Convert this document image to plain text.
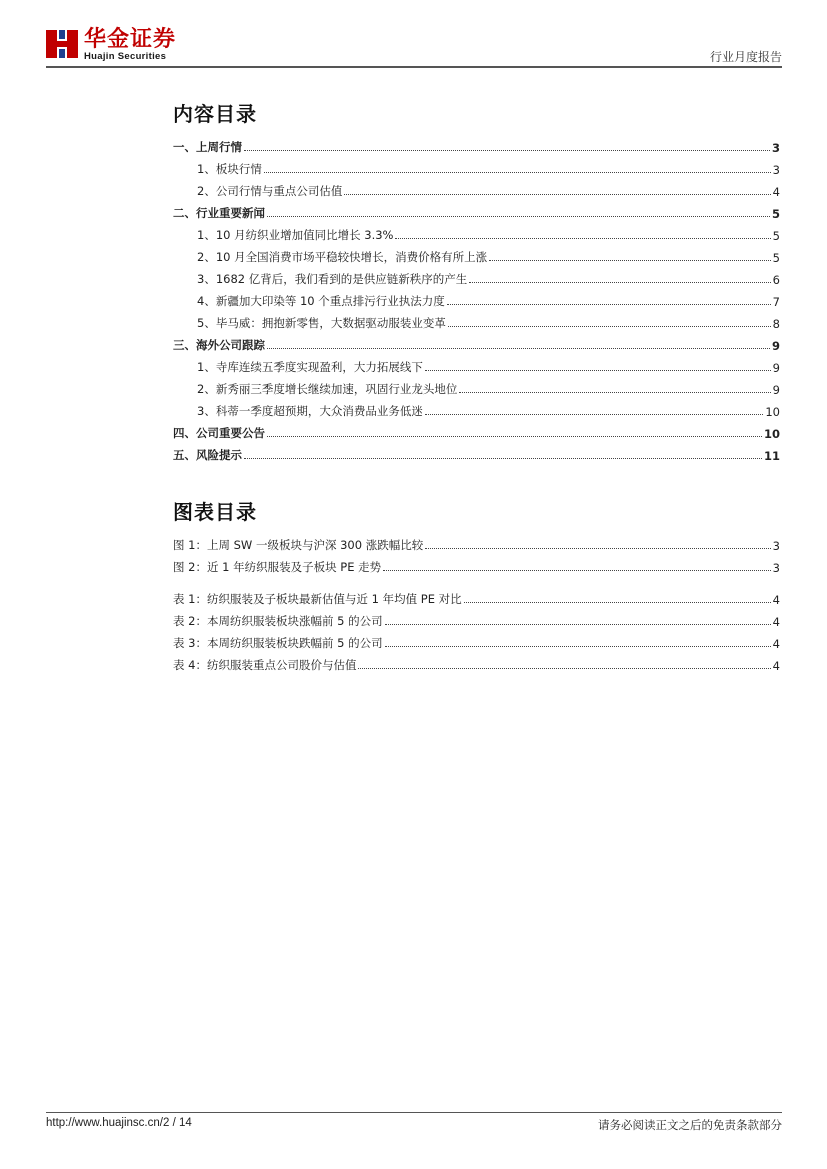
华金证券
Huajin Securities	行业月度报告
内容目录
一、上周行情	3
1、板块行情	3
2、公司行情与重点公司估值	4
二、行业重要新闻	5
1、10 月纺织业增加值同比增长 3.3%	5
2、10 月全国消费市场平稳较快增长，消费价格有所上涨	5
3、1682 亿背后，我们看到的是供应链新秩序的产生	6
4、新疆加大印染等 10 个重点排污行业执法力度	7
5、毕马威：拥抱新零售，大数据驱动服装业变革	8
三、海外公司跟踪	9
1、寺库连续五季度实现盈利，大力拓展线下	9
2、新秀丽三季度增长继续加速，巩固行业龙头地位	9
3、科蒂一季度超预期，大众消费品业务低迷	10
四、公司重要公告	10
五、风险提示	11
图表目录
图 1：上周 SW 一级板块与沪深 300 涨跌幅比较	3
图 2：近 1 年纺织服装及子板块 PE 走势	3
表 1：纺织服装及子板块最新估值与近 1 年均值 PE 对比	4
表 2：本周纺织服装板块涨幅前 5 的公司	4
表 3：本周纺织服装板块跌幅前 5 的公司	4
表 4：纺织服装重点公司股价与估值	4
http://www.huajinsc.cn/2 / 14	请务必阅读正文之后的免责条款部分
